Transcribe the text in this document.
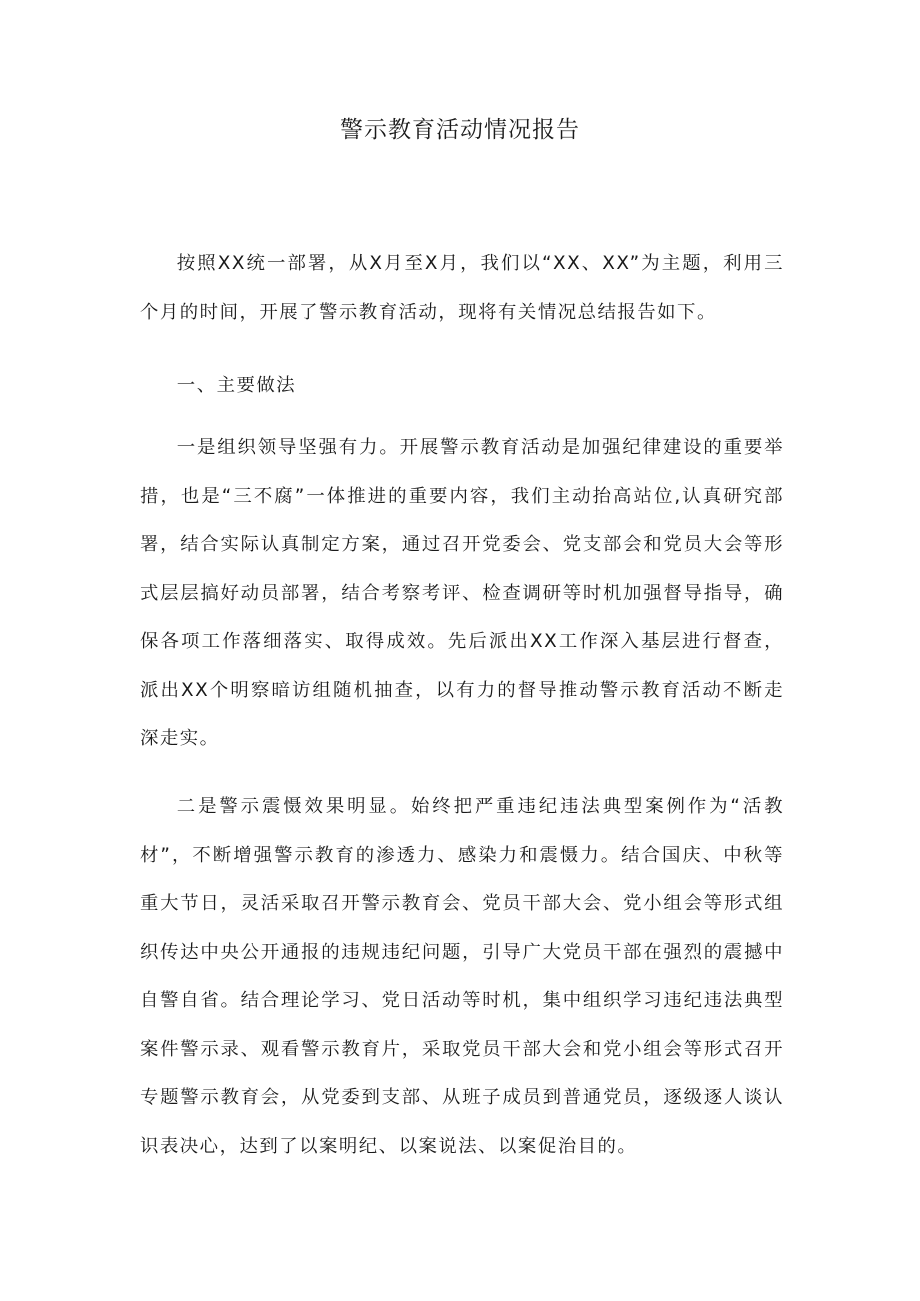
警示教育活动情况报告

按照XX统一部署，从X月至X月，我们以“XX、XX”为主题，利用三个月的时间，开展了警示教育活动，现将有关情况总结报告如下。

一、主要做法

一是组织领导坚强有力。开展警示教育活动是加强纪律建设的重要举措，也是“三不腐”一体推进的重要内容，我们主动抬高站位,认真研究部署，结合实际认真制定方案，通过召开党委会、党支部会和党员大会等形式层层搞好动员部署，结合考察考评、检查调研等时机加强督导指导，确保各项工作落细落实、取得成效。先后派出XX工作深入基层进行督查，派出XX个明察暗访组随机抽查，以有力的督导推动警示教育活动不断走深走实。

二是警示震慑效果明显。始终把严重违纪违法典型案例作为“活教材”，不断增强警示教育的渗透力、感染力和震慑力。结合国庆、中秋等重大节日，灵活采取召开警示教育会、党员干部大会、党小组会等形式组织传达中央公开通报的违规违纪问题，引导广大党员干部在强烈的震撼中自警自省。结合理论学习、党日活动等时机，集中组织学习违纪违法典型案件警示录、观看警示教育片，采取党员干部大会和党小组会等形式召开专题警示教育会，从党委到支部、从班子成员到普通党员，逐级逐人谈认识表决心，达到了以案明纪、以案说法、以案促治目的。
